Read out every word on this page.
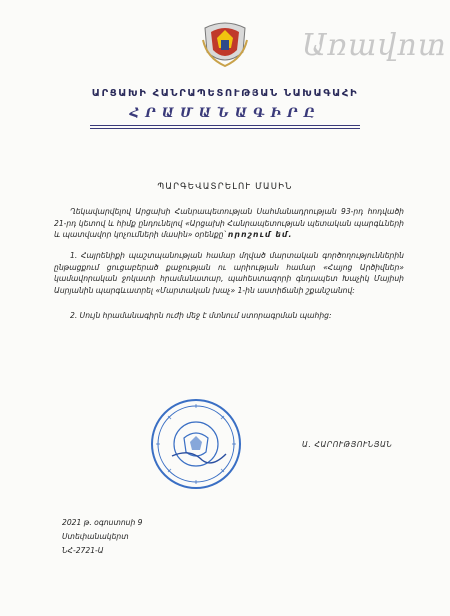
Առավոտ
ԱՐՑԱԽԻ ՀԱՆՐԱՊԵՏՈՒԹՅԱՆ ՆԱԽԱԳԱՀԻ
ՀՐԱՄԱՆԱԳԻՐԸ
ՊԱՐԳԵՎԱՏՐԵԼՈՒ ՄԱՍԻՆ
Ղեկավարվելով Արցախի Հանրապետության Սահմանադրության 93-րդ հոդվածի 21-րդ կետով և հիմք ընդունելով «Արցախի Հանրապետության պետական պարգևների և պատվավոր կոչումների մասին» օրենքը՝ որոշում եմ.
1. Հայրենիքի պաշտպանության համար մղված մարտական գործողություններին ընթացքում ցուցաբերած քաջության ու արիության համար «Հայոց Արծիվներ» կամավորական ջոկատի հրամանատար, պահեստազորի գնդապետ Խաչիկ Մայիսի Ասրյանին պարգևատրել «Մարտական խաչ» 1-ին աստիճանի շքանշանով:
2. Սույն հրամանագիրն ուժի մեջ է մտնում ստորագրման պահից:
Ա. ՀԱՐՈՒԹՅՈՒՆՅԱՆ
2021 թ. օգոստոսի 9
Ստեփանակերտ
ՆՀ-2721-Ա
